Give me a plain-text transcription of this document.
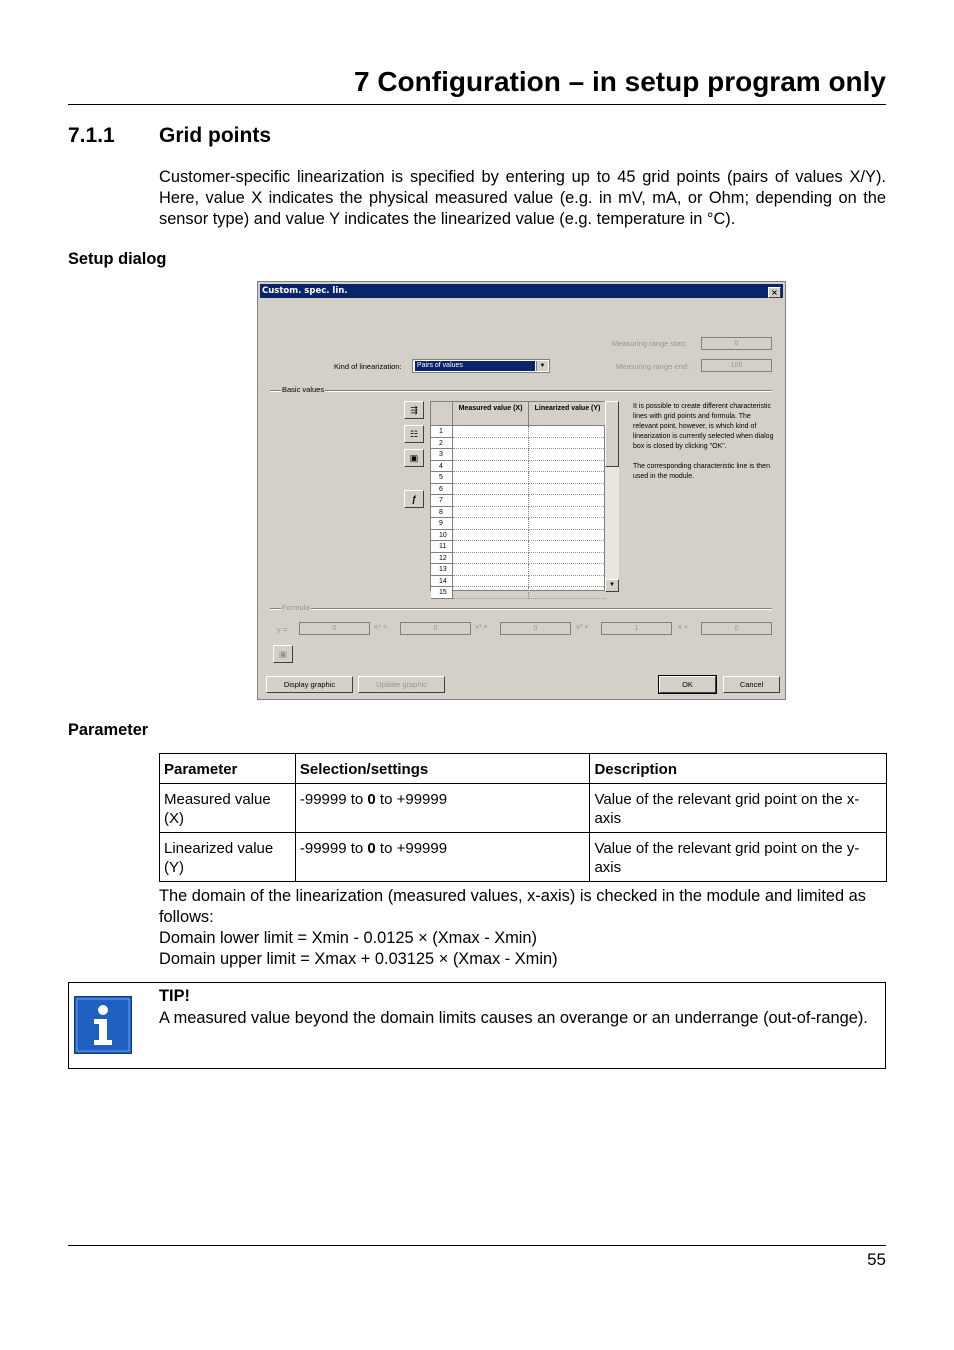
7 Configuration – in setup program only
7.1.1 Grid points
Customer-specific linearization is specified by entering up to 45 grid points (pairs of values X/Y). Here, value X indicates the physical measured value (e.g. in mV, mA, or Ohm; depending on the sensor type) and value Y indicates the linearized value (e.g. temperature in °C).
Setup dialog
Custom. spec. lin.	×
Measuring range start:	0
Kind of linearization: Pairs of values	▼	Measuring range end:	100
Basic values
⇶
☷
▣
ƒ
Measured value (X)	Linearized value (Y)
1
2
3
4
5
6
7
8
9
10
11
12
13
14
15
▼
It is possible to create different characteristic lines with grid points and formula. The relevant point, however, is which kind of linearization is currently selected when dialog box is closed by clicking "OK".
The corresponding characteristic line is then used in the module.
Formula
y =	0	x⁴ +	0	x³ +	0	x² +	1	x +	0
▣
Display graphic	Update graphic	OK	Cancel
Parameter
Parameter	Selection/settings	Description
Measured value (X)	-99999 to 0 to +99999	Value of the relevant grid point on the x-axis
Linearized value (Y)	-99999 to 0 to +99999	Value of the relevant grid point on the y-axis
The domain of the linearization (measured values, x-axis) is checked in the module and limited as follows:
Domain lower limit = Xmin - 0.0125 × (Xmax - Xmin)
Domain upper limit = Xmax + 0.03125 × (Xmax - Xmin)
TIP!
A measured value beyond the domain limits causes an overange or an underrange (out-of-range).
55
